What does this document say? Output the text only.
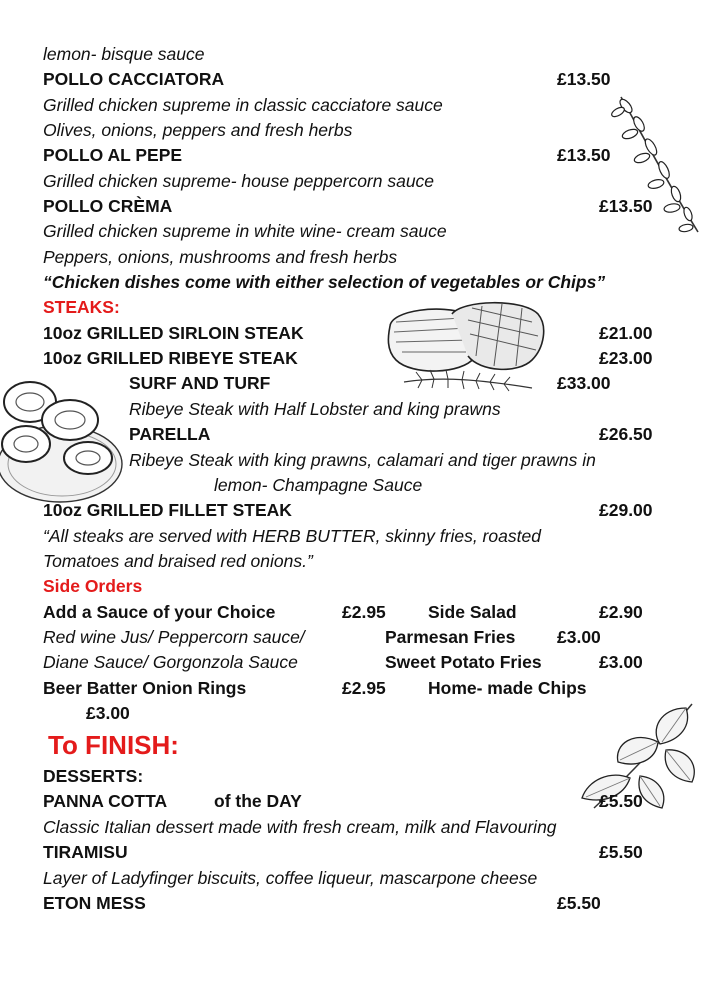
lemon- bisque sauce
POLLO CACCIATORA	£13.50
Grilled chicken supreme in classic cacciatore sauce
Olives, onions, peppers and fresh herbs
POLLO AL PEPE	£13.50
Grilled chicken supreme- house peppercorn sauce
POLLO CRÈMA	£13.50
Grilled chicken supreme in white wine- cream sauce
Peppers, onions, mushrooms and fresh herbs
“Chicken dishes come with either selection of vegetables or Chips”
STEAKS:
10oz GRILLED SIRLOIN STEAK	£21.00
10oz GRILLED RIBEYE STEAK	£23.00
SURF AND TURF	£33.00
Ribeye Steak with Half Lobster and king prawns
PARELLA	£26.50
Ribeye Steak with king prawns, calamari and tiger prawns in
lemon- Champagne Sauce
10oz GRILLED FILLET STEAK	£29.00
“All steaks are served with HERB BUTTER, skinny fries, roasted
Tomatoes and braised red onions.”
Side Orders
Add a Sauce of your Choice	£2.95 Side Salad	£2.90
Red wine Jus/ Peppercorn sauce/	Parmesan Fries £3.00
Diane Sauce/ Gorgonzola Sauce	Sweet Potato Fries	£3.00
Beer Batter Onion Rings	£2.95 Home- made Chips
£3.00
To FINISH:
DESSERTS:
PANNA COTTA	of the DAY	£5.50
Classic Italian dessert made with fresh cream, milk and Flavouring
TIRAMISU	£5.50
Layer of Ladyfinger biscuits, coffee liqueur, mascarpone cheese
ETON MESS	£5.50
